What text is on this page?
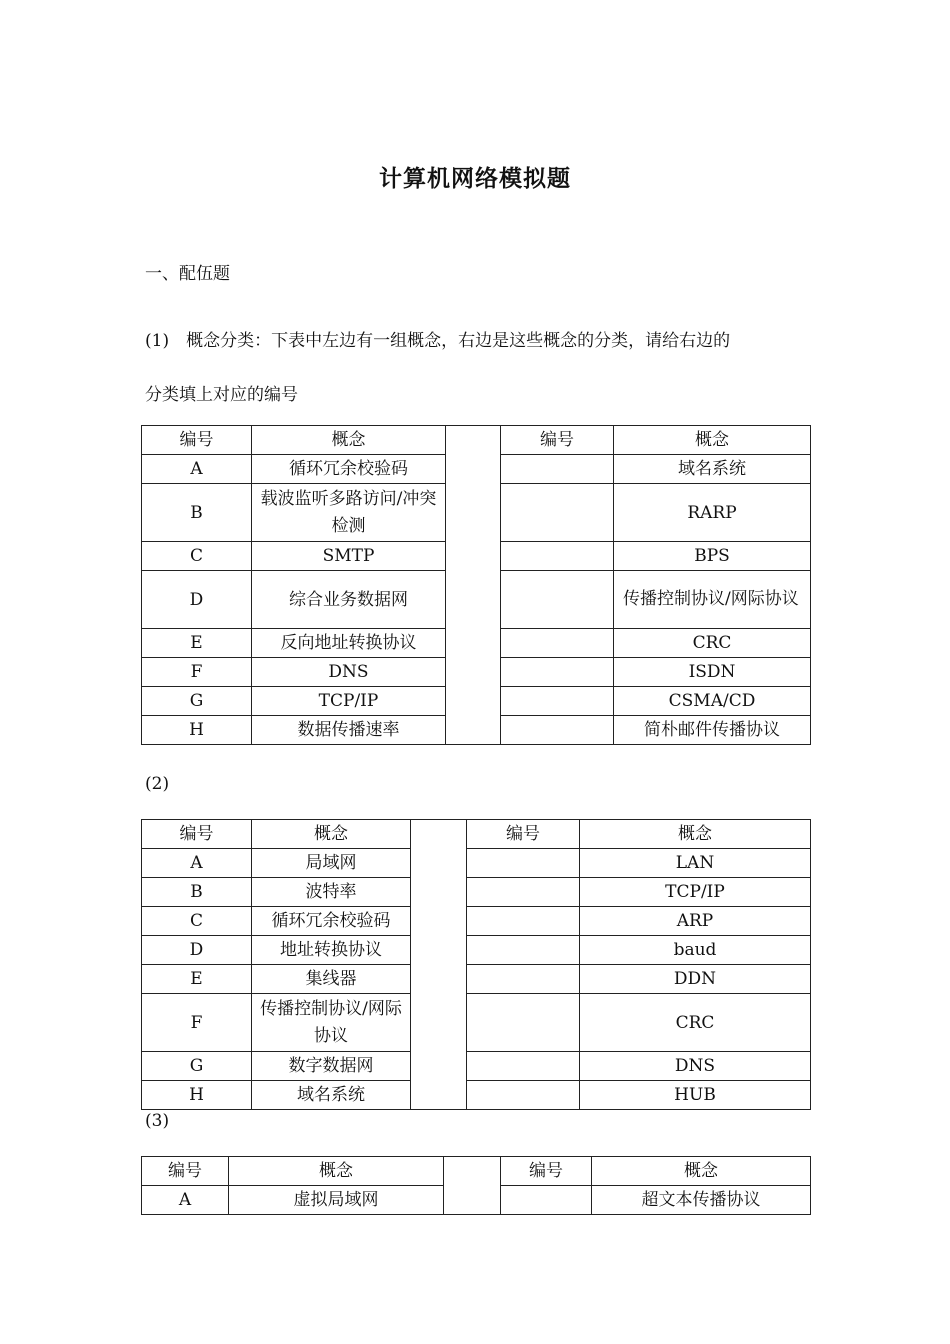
计算机网络模拟题
一、配伍题
(1)　概念分类：下表中左边有一组概念，右边是这些概念的分类，请给右边的
分类填上对应的编号
编号	概念		编号	概念
A	循环冗余校验码			域名系统
B	载波监听多路访问/冲突检测			RARP
C	SMTP			BPS
D	综合业务数据网			传播控制协议/网际协议
E	反向地址转换协议			CRC
F	DNS			ISDN
G	TCP/IP			CSMA/CD
H	数据传播速率			简朴邮件传播协议
(2)
编号	概念		编号	概念
A	局域网			LAN
B	波特率			TCP/IP
C	循环冗余校验码			ARP
D	地址转换协议			baud
E	集线器			DDN
F	传播控制协议/网际协议			CRC
G	数字数据网			DNS
H	域名系统			HUB
(3)
编号	概念		编号	概念
A	虚拟局域网			超文本传播协议
